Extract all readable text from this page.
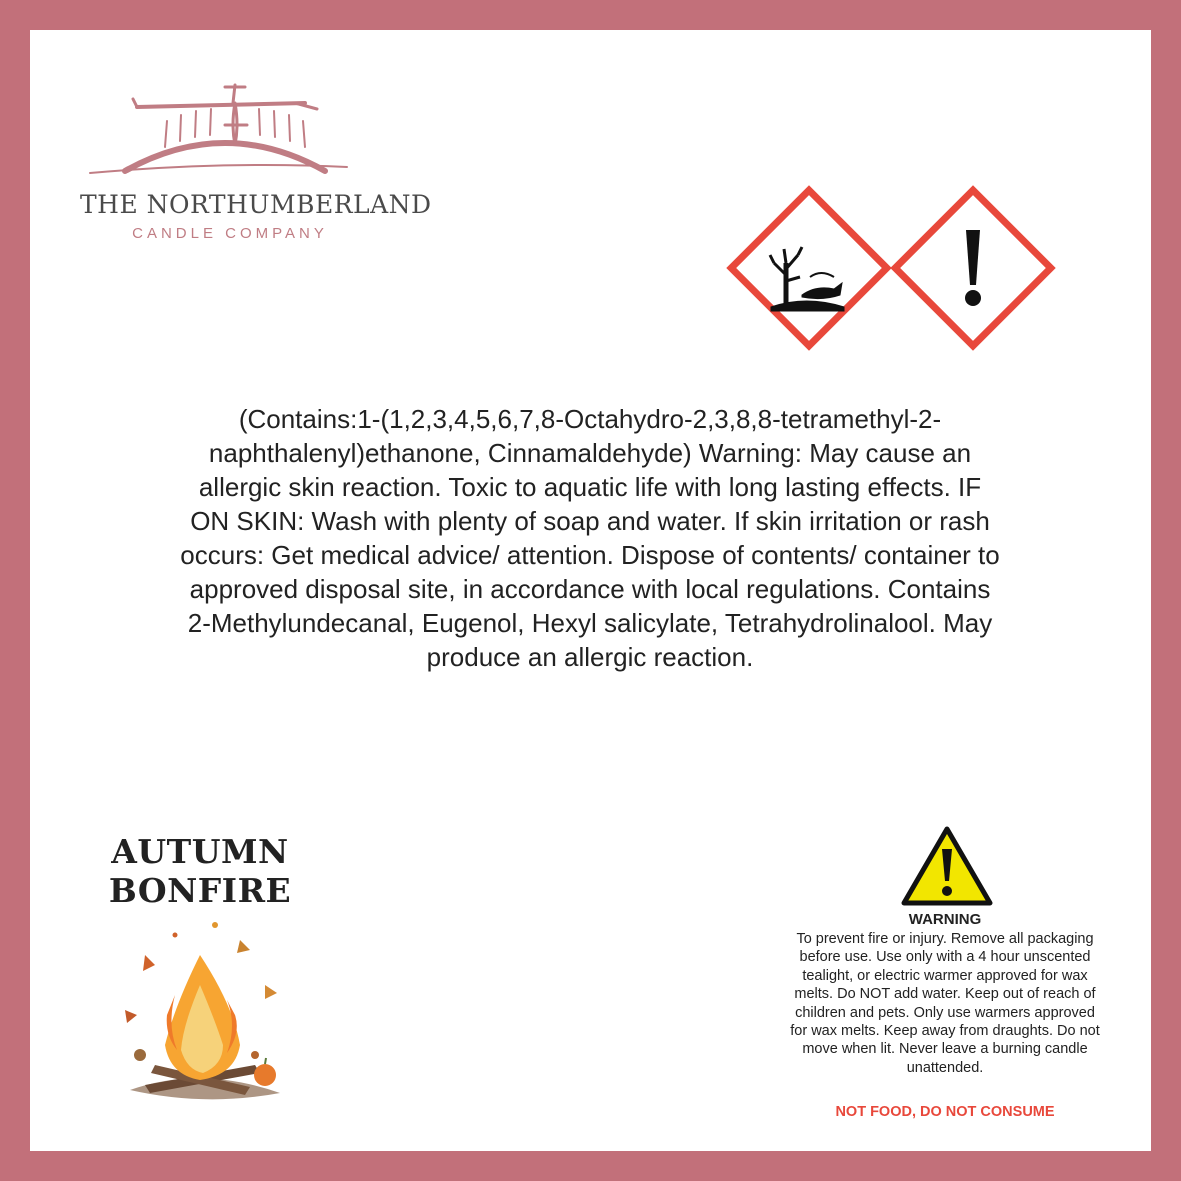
THE NORTHUMBERLAND
CANDLE COMPANY
(Contains:1-(1,2,3,4,5,6,7,8-Octahydro-2,3,8,8-tetramethyl-2-naphthalenyl)ethanone, Cinnamaldehyde) Warning: May cause an allergic skin reaction. Toxic to aquatic life with long lasting effects. IF ON SKIN: Wash with plenty of soap and water. If skin irritation or rash occurs: Get medical advice/ attention. Dispose of contents/ container to approved disposal site, in accordance with local regulations. Contains 2-Methylundecanal, Eugenol, Hexyl salicylate, Tetrahydrolinalool. May produce an allergic reaction.
AUTUMN BONFIRE
WARNING
To prevent fire or injury. Remove all packaging before use. Use only with a 4 hour unscented tealight, or electric warmer approved for wax melts. Do NOT add water. Keep out of reach of children and pets. Only use warmers approved for wax melts. Keep away from draughts. Do not move when lit. Never leave a burning candle unattended.
NOT FOOD, DO NOT CONSUME
